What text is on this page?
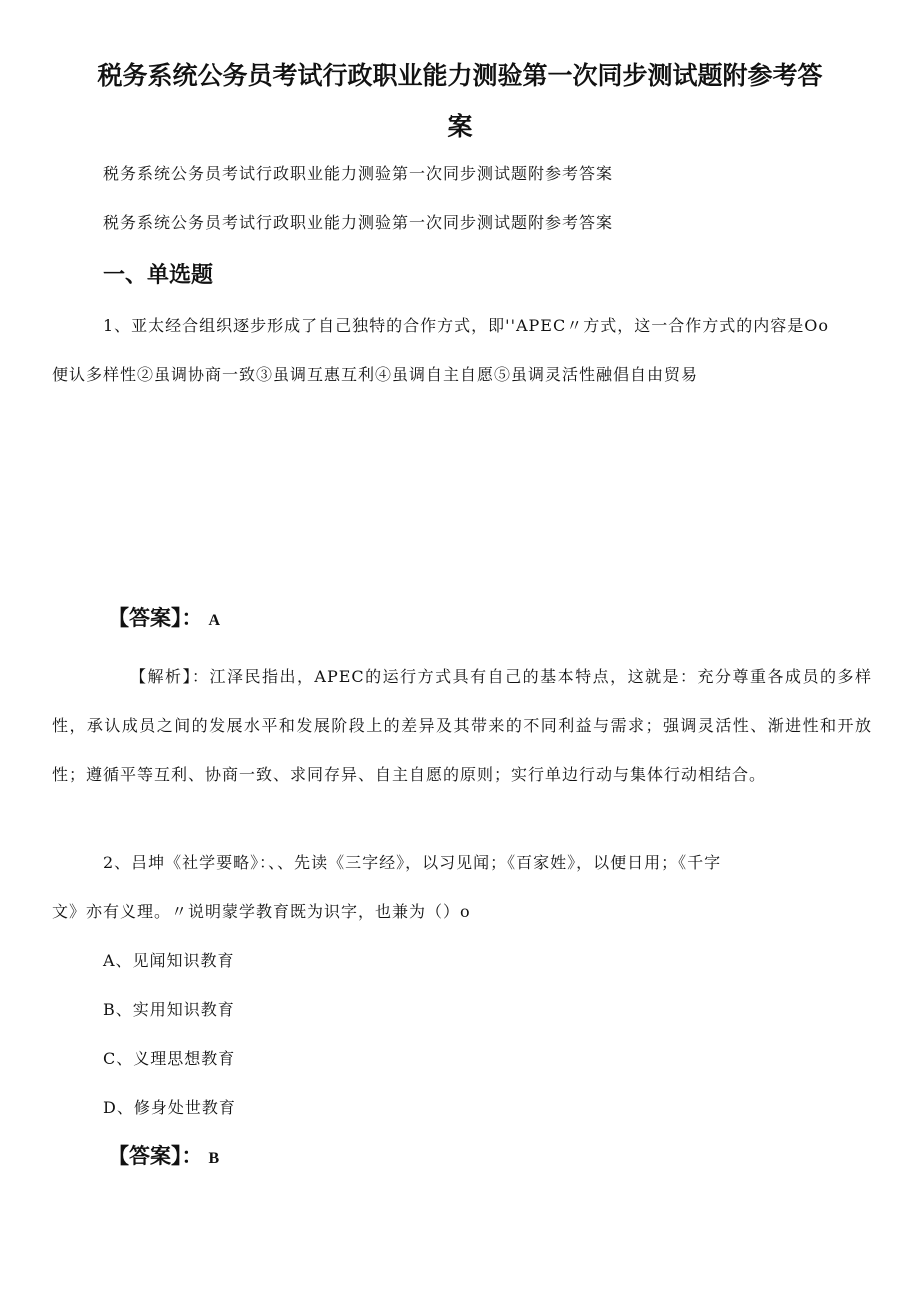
税务系统公务员考试行政职业能力测验第一次同步测试题附参考答
案
税务系统公务员考试行政职业能力测验第一次同步测试题附参考答案
税务系统公务员考试行政职业能力测验第一次同步测试题附参考答案
一、单选题
1、亚太经合组织逐步形成了自己独特的合作方式，即''APEC〃方式，这一合作方式的内容是Oo
便认多样性②虽调协商一致③虽调互惠互利④虽调自主自愿⑤虽调灵活性融倡自由贸易
【答案】： A
【解析】：江泽民指出，APEC的运行方式具有自己的基本特点，这就是：充分尊重各成员的多样性，承认成员之间的发展水平和发展阶段上的差异及其带来的不同利益与需求；强调灵活性、渐进性和开放性；遵循平等互利、协商一致、求同存异、自主自愿的原则；实行单边行动与集体行动相结合。
2、吕坤《社学要略》：、、先读《三字经》，以习见闻；《百家姓》，以便日用；《千字
文》亦有义理。〃说明蒙学教育既为识字，也兼为（）o
A、见闻知识教育
B、实用知识教育
C、义理思想教育
D、修身处世教育
【答案】： B
